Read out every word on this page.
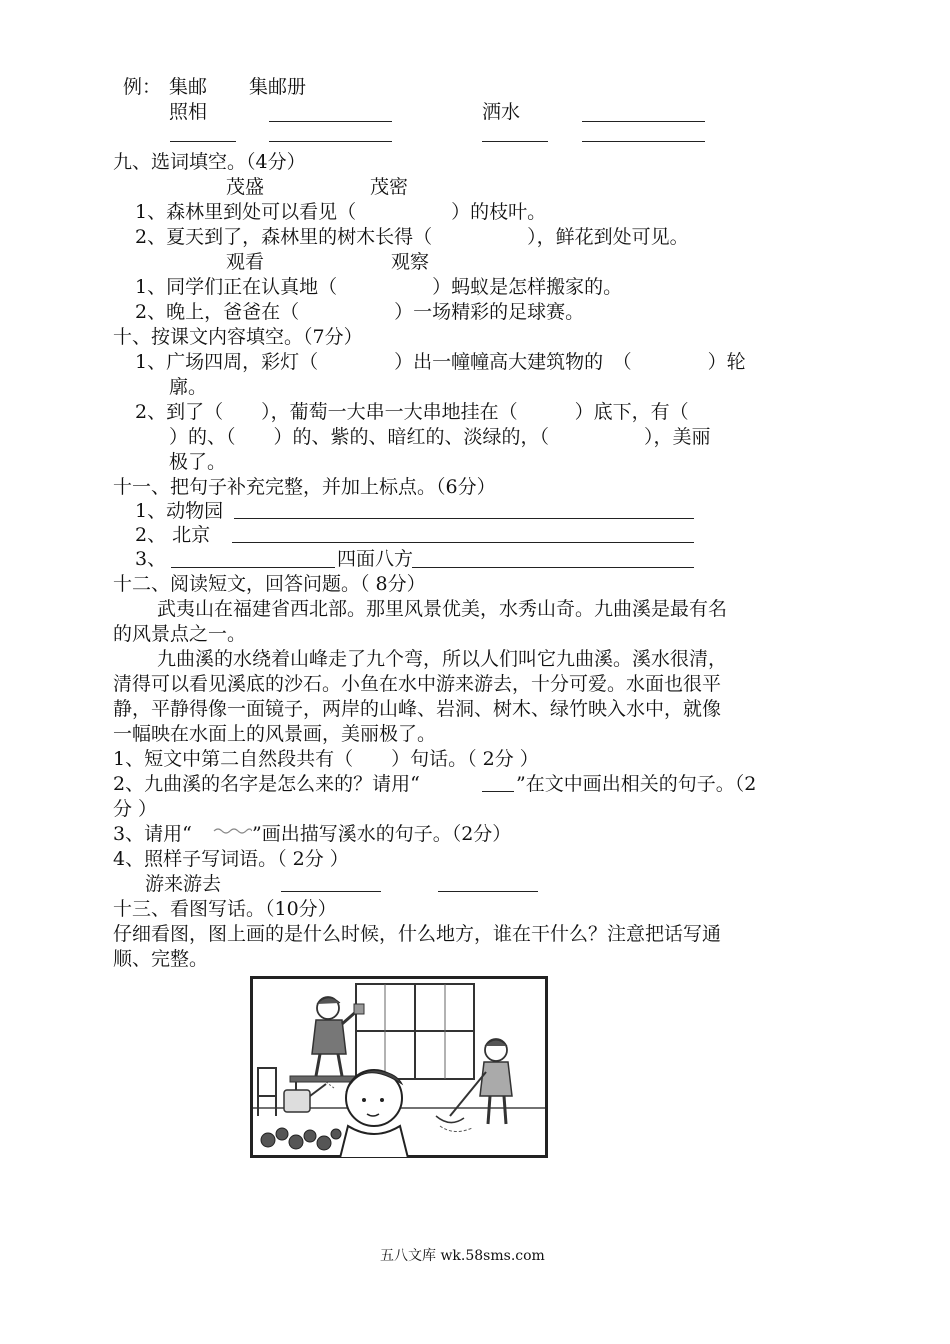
例： 集邮 集邮册
照相	洒水
九、选词填空。（4分）
茂盛	茂密
1、森林里到处可以看见（　　　　　）的枝叶。
2、夏天到了，森林里的树木长得（　　　　　），鲜花到处可见。
观看	观察
1、同学们正在认真地（　　　　　）蚂蚁是怎样搬家的。
2、晚上，爸爸在（　　　　　）一场精彩的足球赛。
十、按课文内容填空。（7分）
1、广场四周，彩灯（　　　　）出一幢幢高大建筑物的　（　　　　）轮
廓。
2、到了（　　），葡萄一大串一大串地挂在（　　　）底下，有（
）的、（　　）的、紫的、暗红的、淡绿的，（　　　　　），美丽
极了。
十一、把句子补充完整，并加上标点。（6分）
1、动物园
2、 北京
3、	四面八方
十二、阅读短文，回答问题。（ 8分）
武夷山在福建省西北部。那里风景优美，水秀山奇。九曲溪是最有名
的风景点之一。
九曲溪的水绕着山峰走了九个弯，所以人们叫它九曲溪。溪水很清，
清得可以看见溪底的沙石。小鱼在水中游来游去，十分可爱。水面也很平
静，平静得像一面镜子，两岸的山峰、岩洞、树木、绿竹映入水中，就像
一幅映在水面上的风景画，美丽极了。
1、短文中第二自然段共有（　　）句话。（ 2分 ）
2、九曲溪的名字是怎么来的？请用“	”在文中画出相关的句子。（2
分 ）
3、请用“	”画出描写溪水的句子。（2分）
4、照样子写词语。（ 2分 ）
游来游去
十三、看图写话。（10分）
仔细看图，图上画的是什么时候，什么地方，谁在干什么？注意把话写通
顺、完整。
五八文库 wk.58sms.com
